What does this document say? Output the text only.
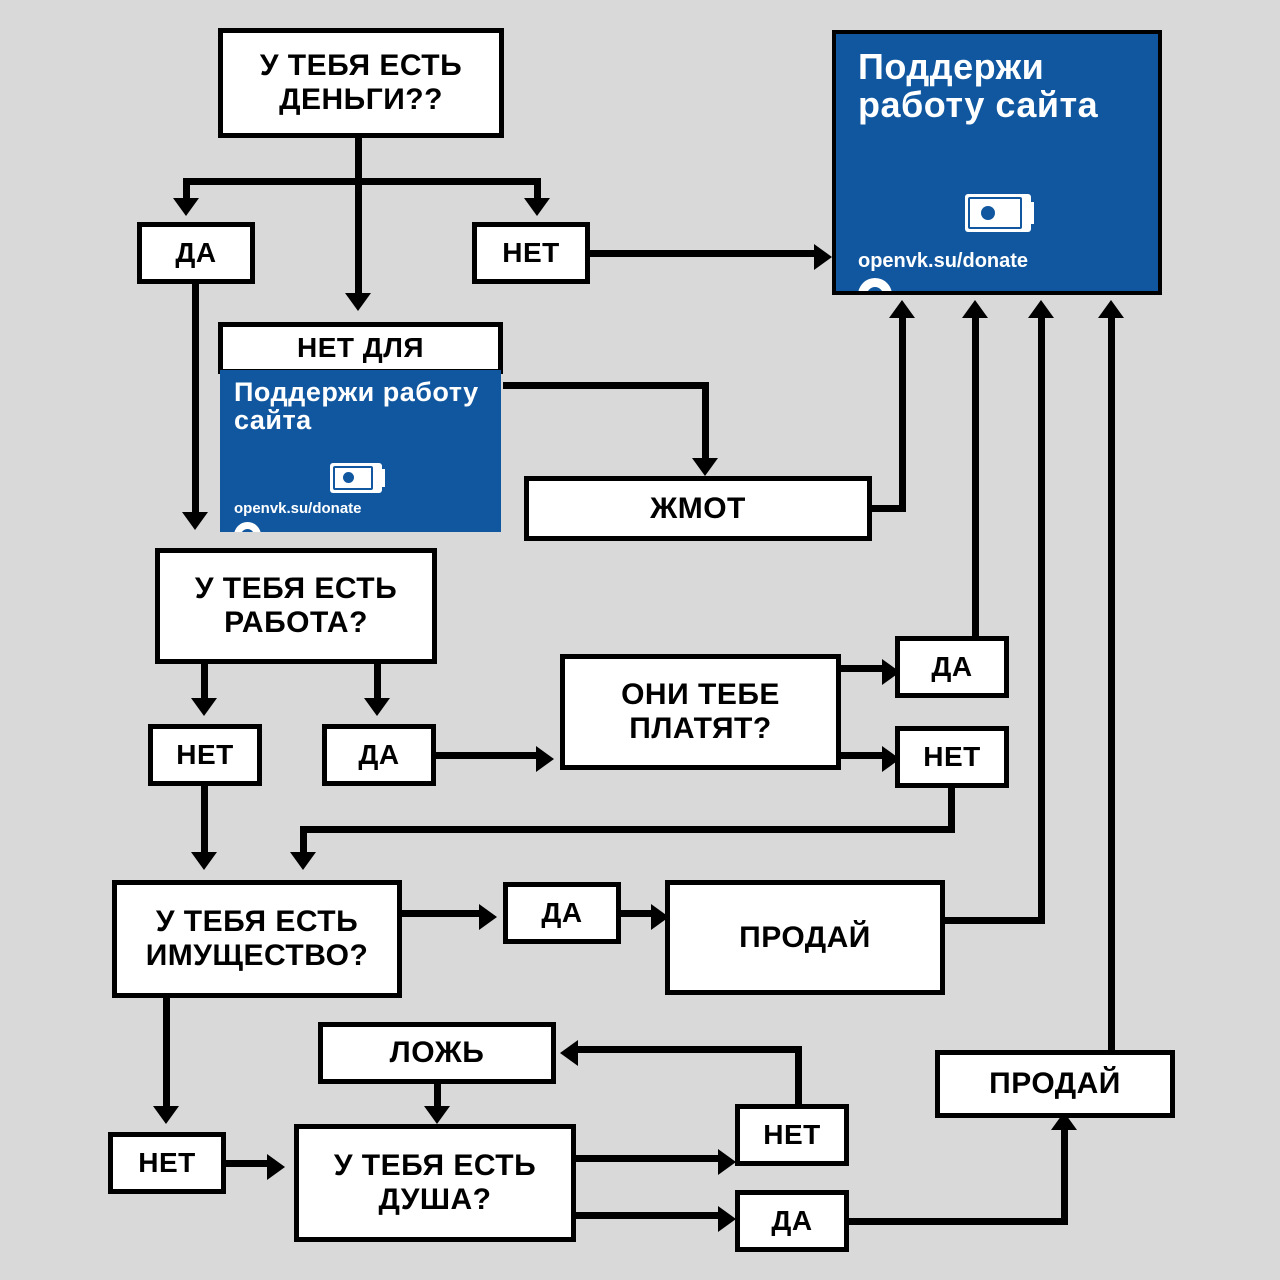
У ТЕБЯ ЕСТЬ ДЕНЬГИ??
ДА	НЕТ
Поддержи работу сайта
openvk.su/donate
НЕТ ДЛЯ
Поддержи работу сайта
openvk.su/donate	ЖМОТ
У ТЕБЯ ЕСТЬ РАБОТА?
НЕТ	ДА
ОНИ ТЕБЕ ПЛАТЯТ?
ДА
НЕТ
У ТЕБЯ ЕСТЬ ИМУЩЕСТВО?
ДА
ПРОДАЙ
НЕТ
ЛОЖЬ
У ТЕБЯ ЕСТЬ ДУША?
НЕТ
ДА
ПРОДАЙ
